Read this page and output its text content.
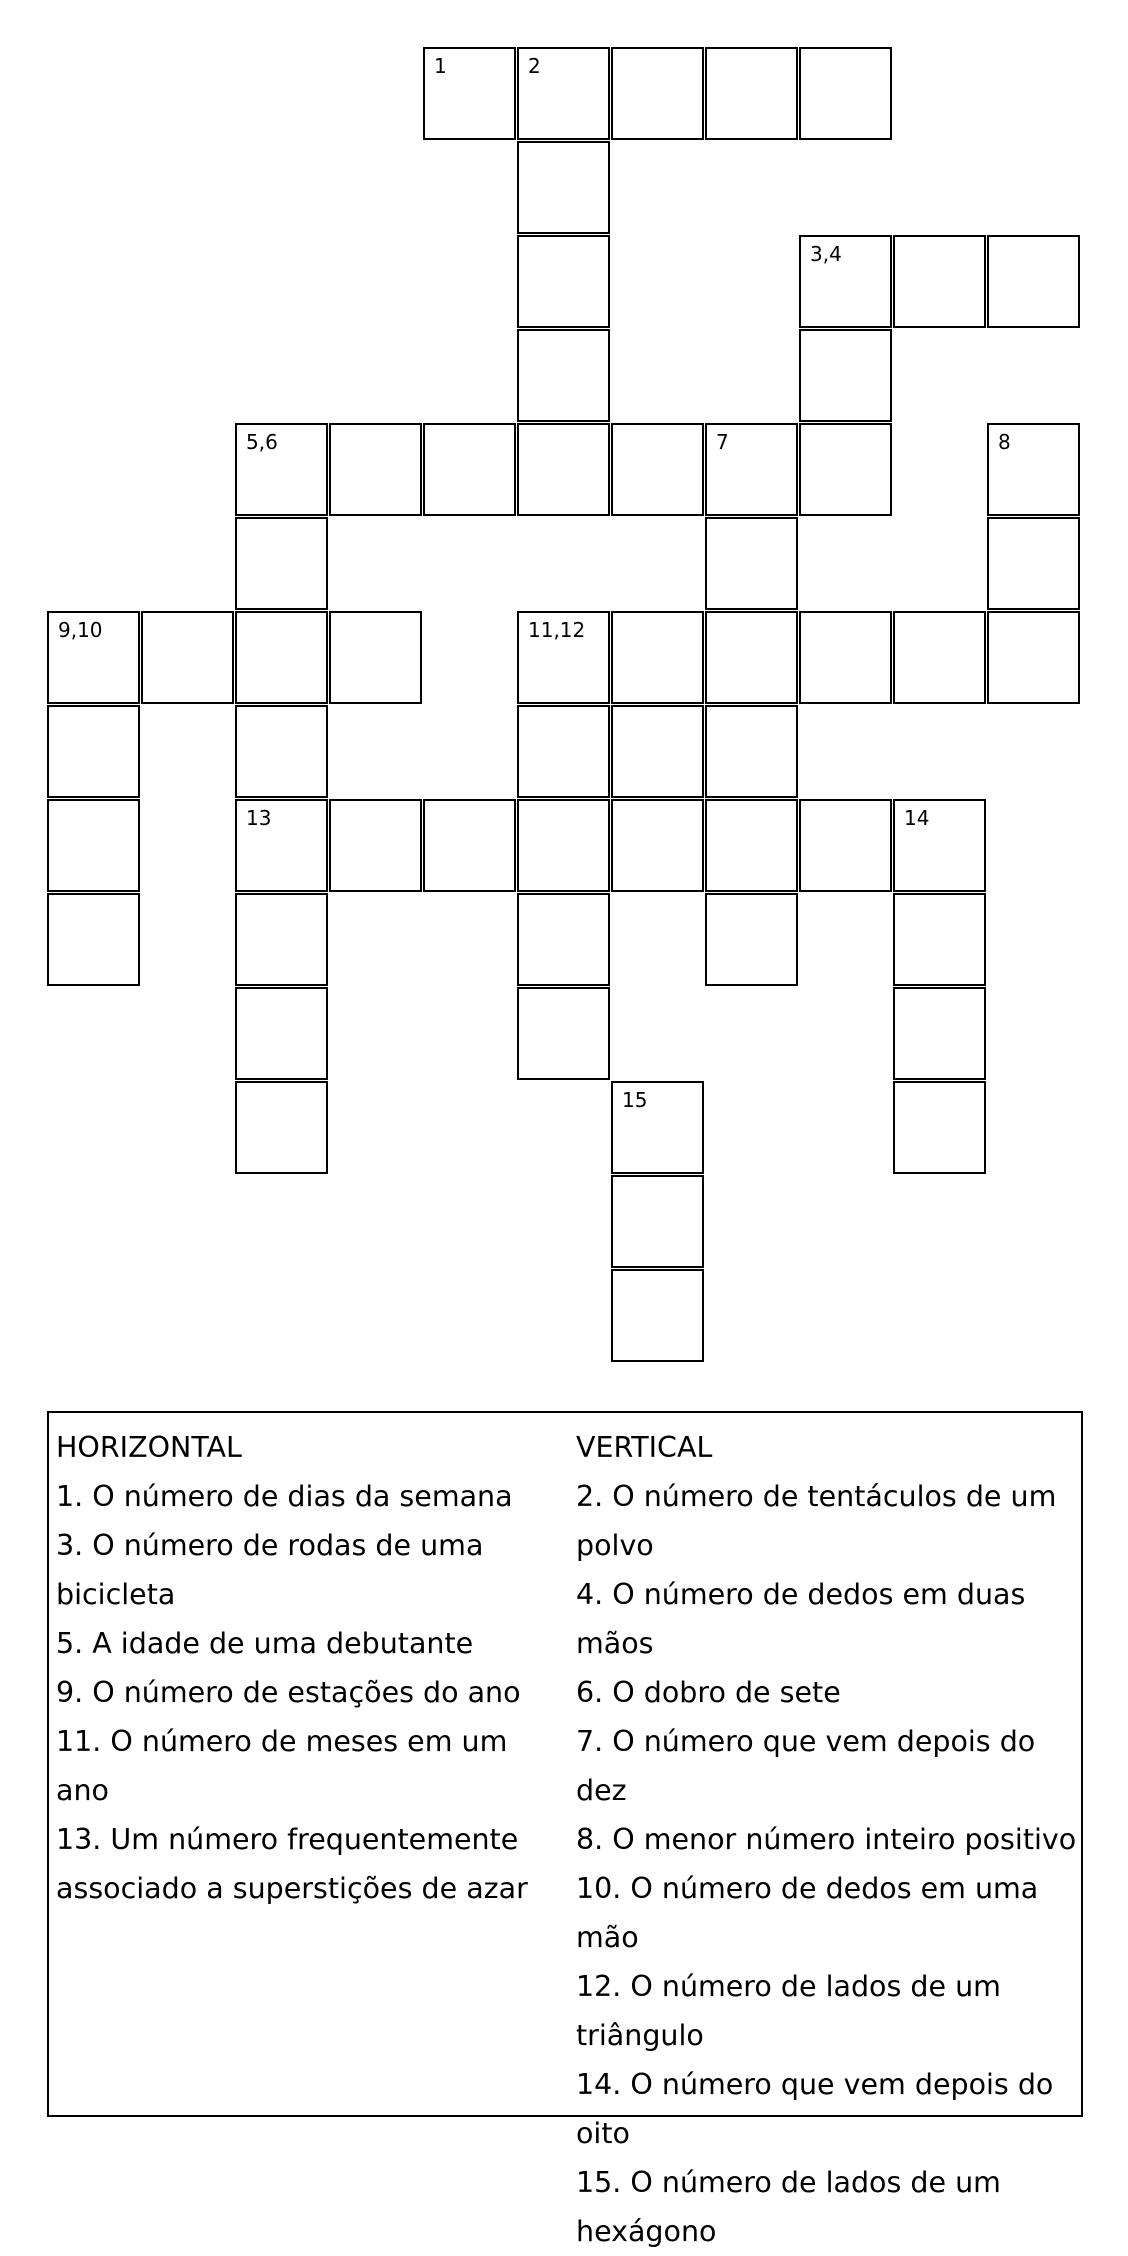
1	2
3,4
5,6	7	8
9,10	11,12
13	14
15
HORIZONTAL
1. O número de dias da semana
3. O número de rodas de uma bicicleta
5. A idade de uma debutante
9. O número de estações do ano
11. O número de meses em um ano
13. Um número frequentemente associado a superstições de azar
VERTICAL
2. O número de tentáculos de um polvo
4. O número de dedos em duas mãos
6. O dobro de sete
7. O número que vem depois do dez
8. O menor número inteiro positivo
10. O número de dedos em uma mão
12. O número de lados de um triângulo
14. O número que vem depois do oito
15. O número de lados de um hexágono
